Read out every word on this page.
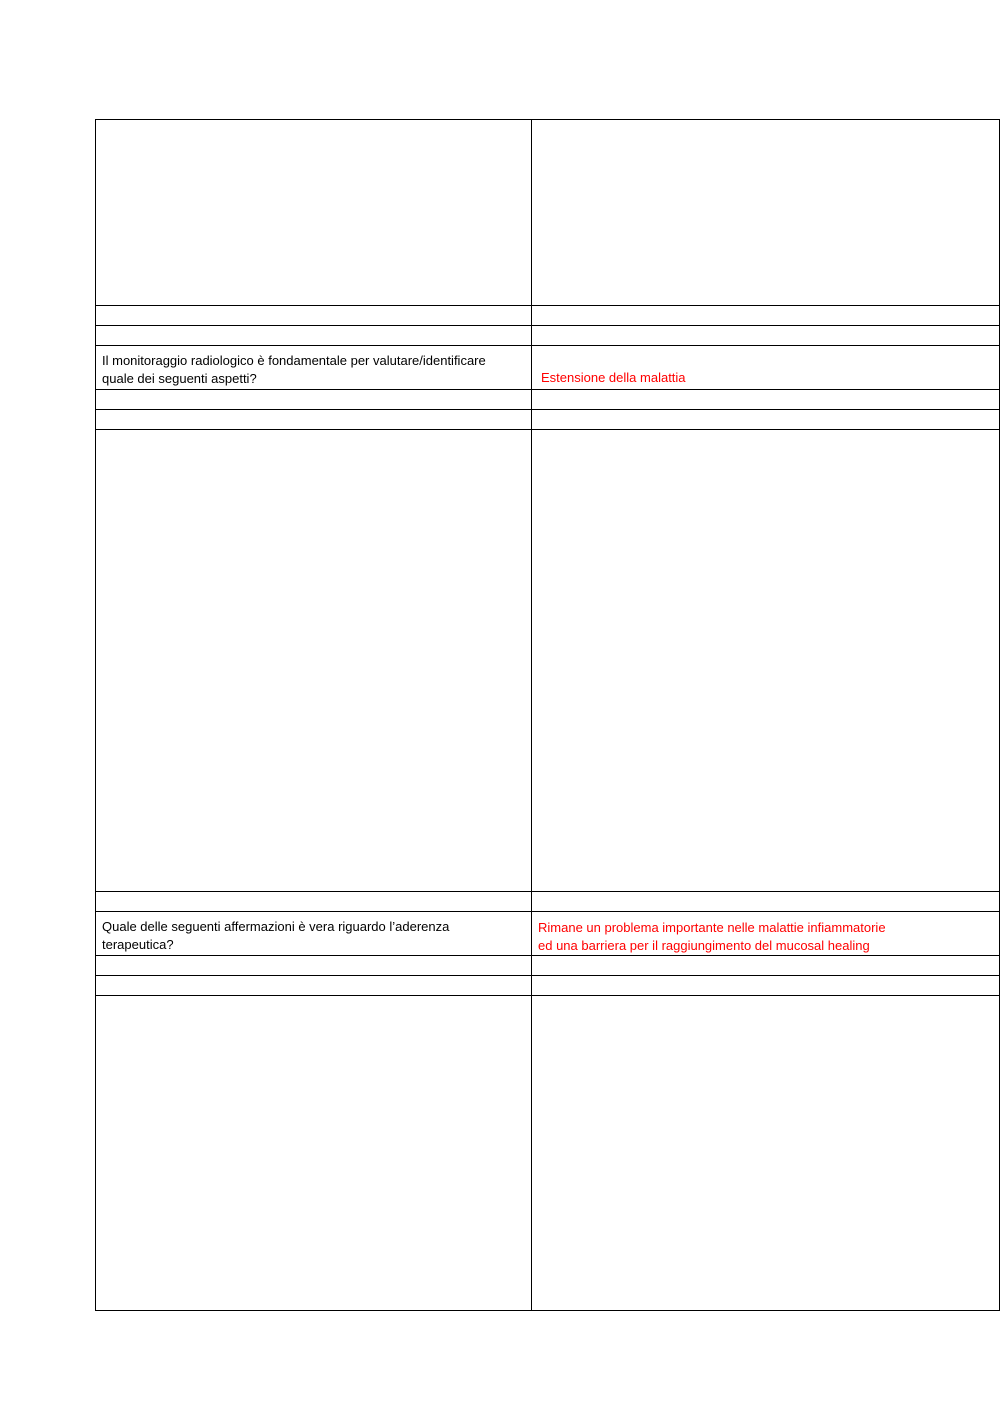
Il monitoraggio radiologico è fondamentale per valutare/identificare
quale dei seguenti aspetti?	Estensione della malattia

Quale delle seguenti affermazioni è vera riguardo l’aderenza
terapeutica?	Rimane un problema importante nelle malattie infiammatorie
ed una barriera per il raggiungimento del mucosal healing
